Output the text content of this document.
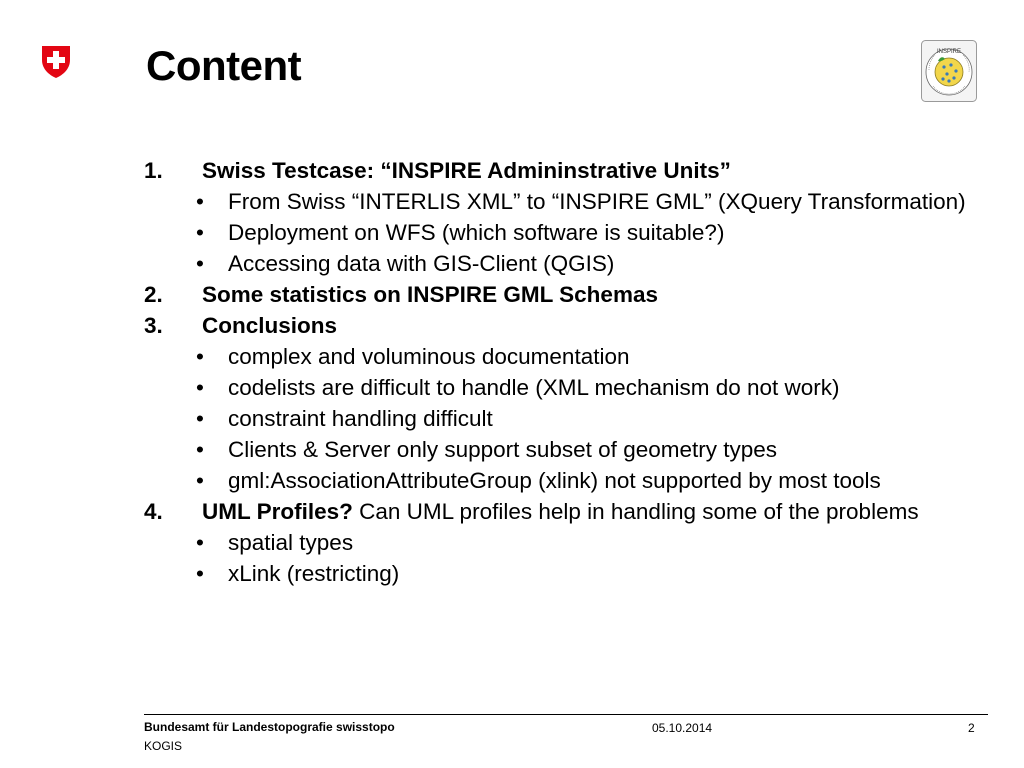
Content	INSPIRE
1. Swiss Testcase: “INSPIRE Admininstrative Units”
• From Swiss “INTERLIS XML” to “INSPIRE GML” (XQuery Transformation)
• Deployment on WFS (which software is suitable?)
• Accessing data with GIS-Client (QGIS)
2. Some statistics on INSPIRE GML Schemas
3. Conclusions
• complex and voluminous documentation
• codelists are difficult to handle (XML mechanism do not work)
• constraint handling difficult
• Clients & Server only support subset of geometry types
• gml:AssociationAttributeGroup (xlink) not supported by most tools
4. UML Profiles? Can UML profiles help in handling some of the problems
• spatial types
• xLink (restricting)
Bundesamt für Landestopografie swisstopo
KOGIS
05.10.2014	2
